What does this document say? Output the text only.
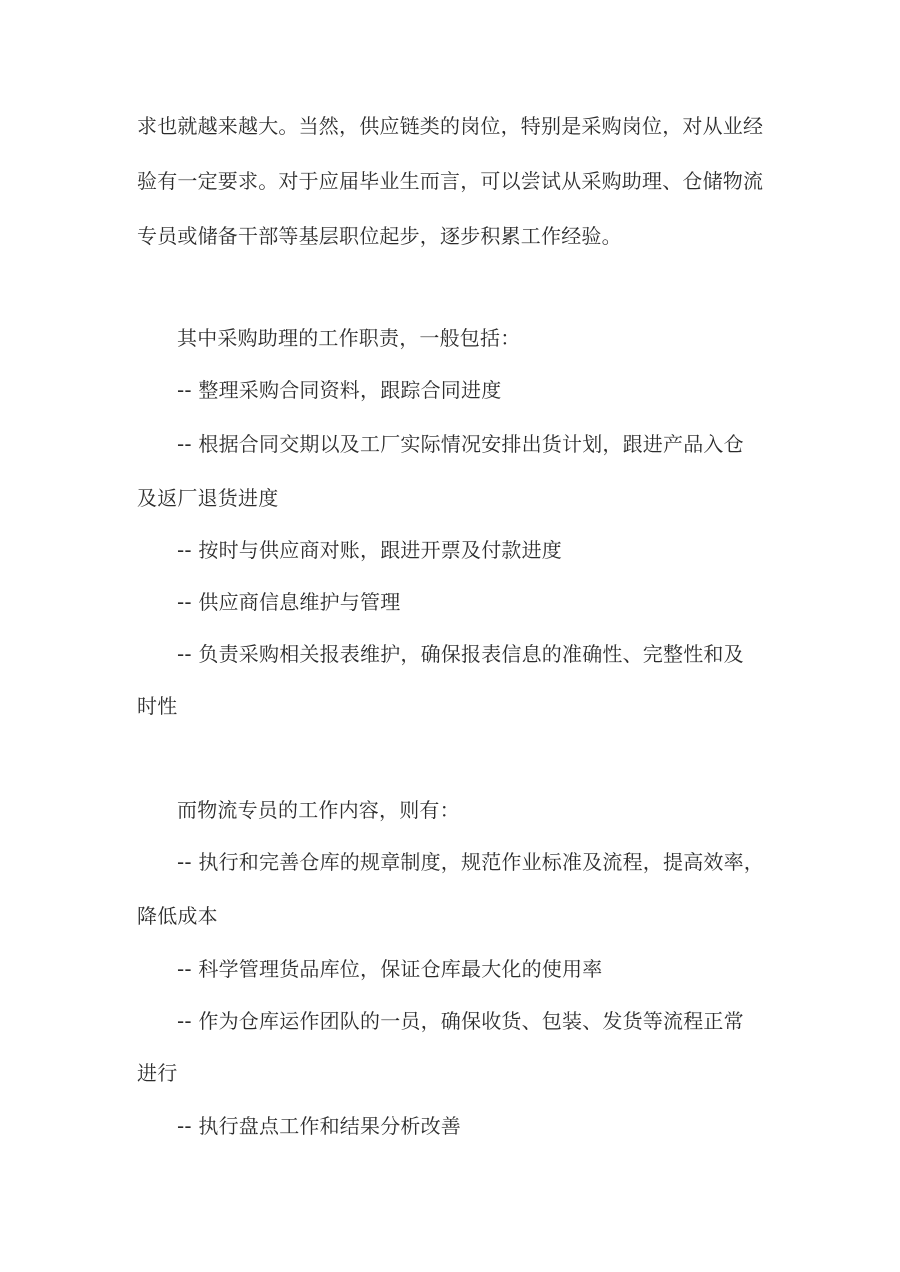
求也就越来越大。当然，供应链类的岗位，特别是采购岗位，对从业经
验有一定要求。对于应届毕业生而言，可以尝试从采购助理、仓储物流
专员或储备干部等基层职位起步，逐步积累工作经验。
其中采购助理的工作职责，一般包括：
-- 整理采购合同资料，跟踪合同进度
-- 根据合同交期以及工厂实际情况安排出货计划，跟进产品入仓
及返厂退货进度
-- 按时与供应商对账，跟进开票及付款进度
-- 供应商信息维护与管理
-- 负责采购相关报表维护，确保报表信息的准确性、完整性和及
时性
而物流专员的工作内容，则有：
-- 执行和完善仓库的规章制度，规范作业标准及流程，提高效率，
降低成本
-- 科学管理货品库位，保证仓库最大化的使用率
-- 作为仓库运作团队的一员，确保收货、包装、发货等流程正常
进行
-- 执行盘点工作和结果分析改善
